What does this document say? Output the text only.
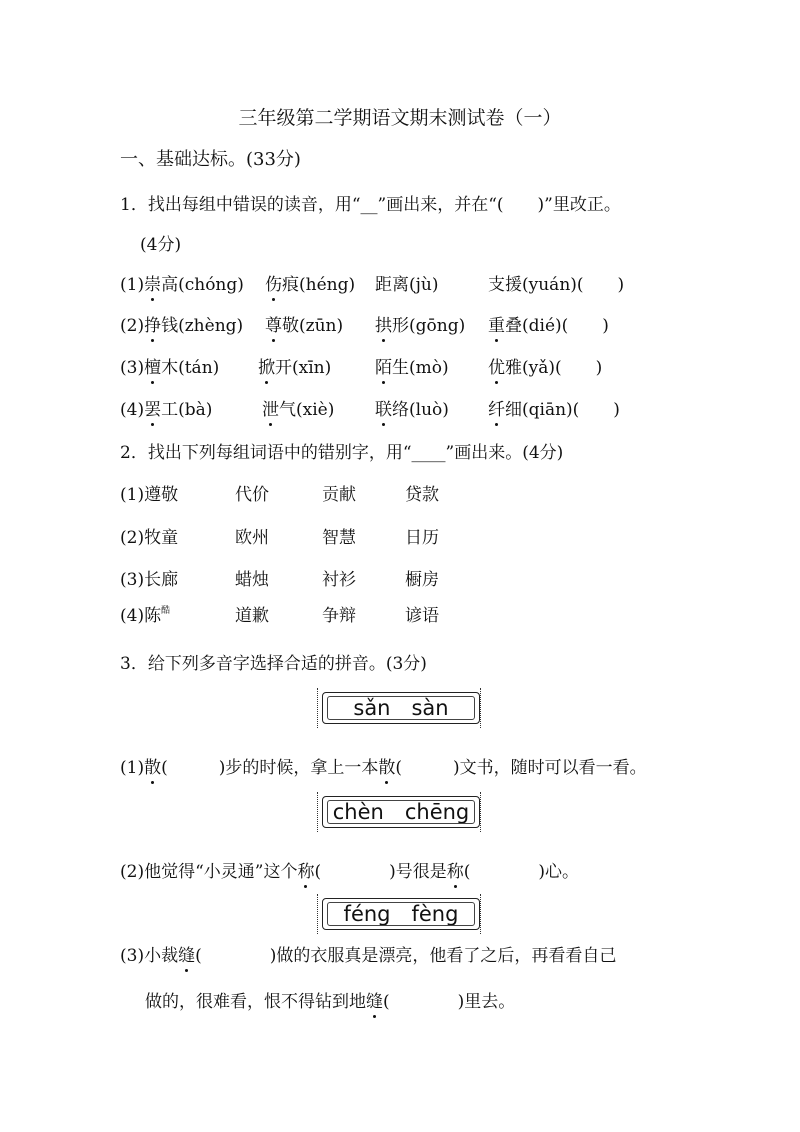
三年级第二学期语文期末测试卷（一）
一、基础达标。(33分)
1．找出每组中错误的读音，用“__”画出来，并在“(　　)”里改正。
(4分)
(1)崇高(chóng) 伤痕(héng) 距离(jù)	支援(yuán)(　　)
(2)挣钱(zhèng) 尊敬(zūn) 拱形(gōng) 重叠(dié)(　　)
(3)檀木(tán) 掀开(xīn)	陌生(mò) 优雅(yǎ)(　　)
(4)罢工(bà)	泄气(xiè) 联络(luò) 纤细(qiān)(　　)
2．找出下列每组词语中的错别字，用“____”画出来。(4分)
(1)遵敬	代价	贡献	贷款
(2)牧童	欧州	智慧	日历
(3)长廊	蜡烛	衬衫	橱房
(4)陈$^酷$	道歉	争辩	谚语
3．给下列多音字选择合适的拼音。(3分)
sǎn　sàn
(1)散(　　　)步的时候，拿上一本散(　　　)文书，随时可以看一看。
chèn　chēng
(2)他觉得“小灵通”这个称(　　　　)号很是称(　　　　)心。
féng　fèng
(3)小裁缝(　　　　)做的衣服真是漂亮，他看了之后，再看看自己
做的，很难看，恨不得钻到地缝(　　　　)里去。
